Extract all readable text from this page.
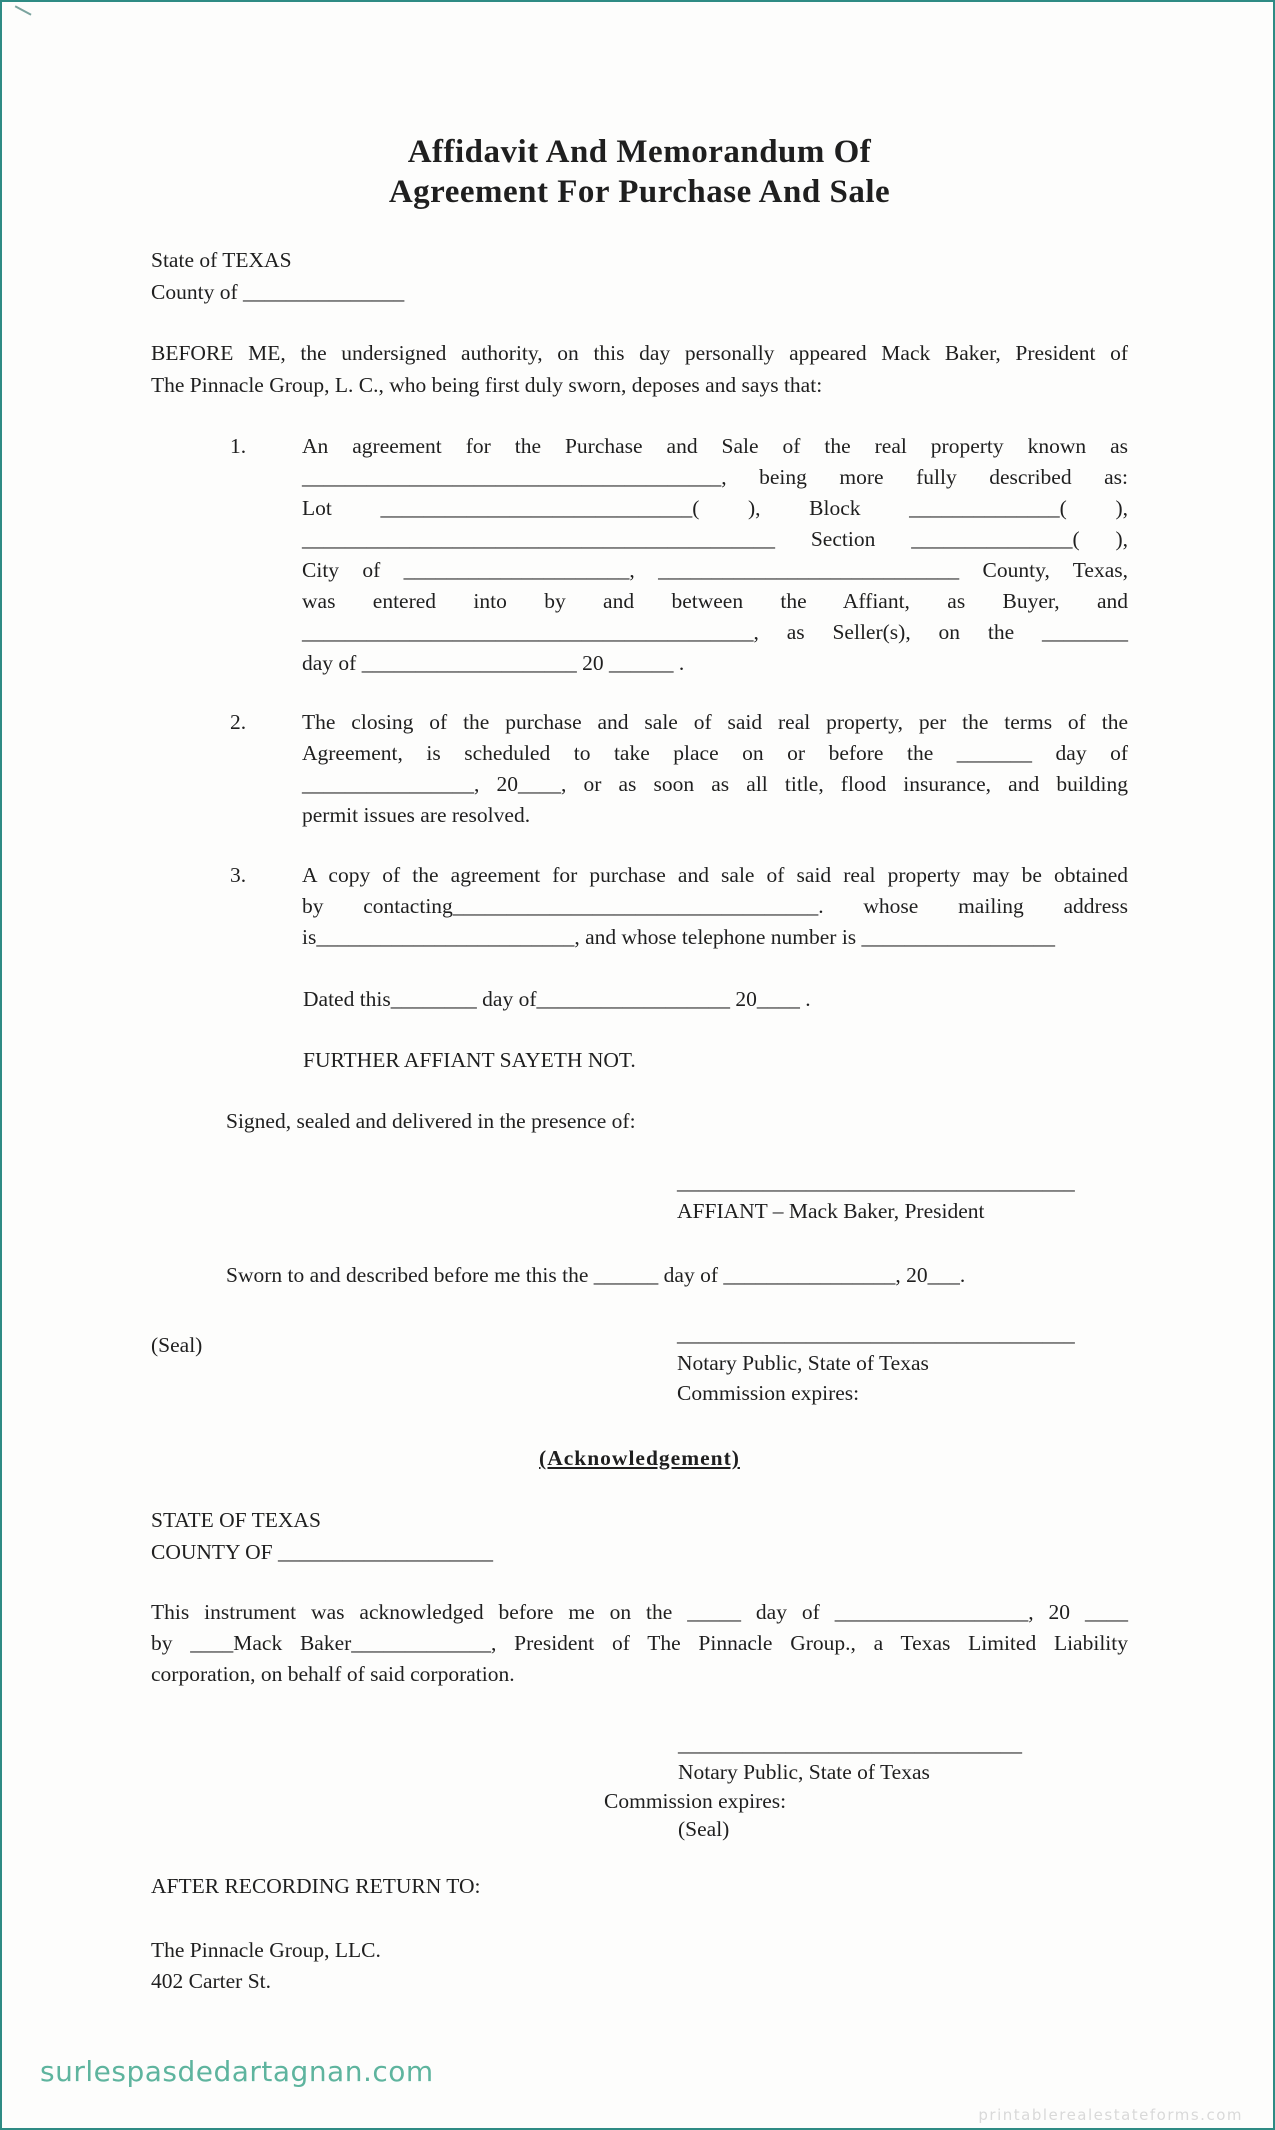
Affidavit And Memorandum Of
Agreement For Purchase And Sale
State of TEXAS
County of _______________
BEFORE ME, the undersigned authority, on this day personally appeared Mack Baker, President of
The Pinnacle Group, L. C., who being first duly sworn, deposes and says that:
1.	An agreement for the Purchase and Sale of the real property known as
_______________________________________, being more fully described as:
Lot _____________________________( ), Block ______________( ),
____________________________________________ Section _______________( ),
City of _____________________, ____________________________ County, Texas,
was entered into by and between the Affiant, as Buyer, and
__________________________________________, as Seller(s), on the ________
day of ____________________ 20 ______ .
2.	The closing of the purchase and sale of said real property, per the terms of the
Agreement, is scheduled to take place on or before the _______ day of
________________, 20____, or as soon as all title, flood insurance, and building
permit issues are resolved.
3.	A copy of the agreement for purchase and sale of said real property may be obtained
by contacting__________________________________. whose mailing address
is________________________, and whose telephone number is __________________
Dated this________ day of__________________ 20____ .
FURTHER AFFIANT SAYETH NOT.
Signed, sealed and delivered in the presence of:
_____________________________________
AFFIANT – Mack Baker, President
Sworn to and described before me this the ______ day of ________________, 20___.
(Seal)	_____________________________________
Notary Public, State of Texas
Commission expires:
(Acknowledgement)
STATE OF TEXAS
COUNTY OF ____________________
This instrument was acknowledged before me on the _____ day of __________________, 20 ____
by ____Mack Baker_____________, President of The Pinnacle Group., a Texas Limited Liability
corporation, on behalf of said corporation.
________________________________
Notary Public, State of Texas
Commission expires:
(Seal)
AFTER RECORDING RETURN TO:
The Pinnacle Group, LLC.
402 Carter St.
surlespasdedartagnan.com
printablerealestateforms.com
